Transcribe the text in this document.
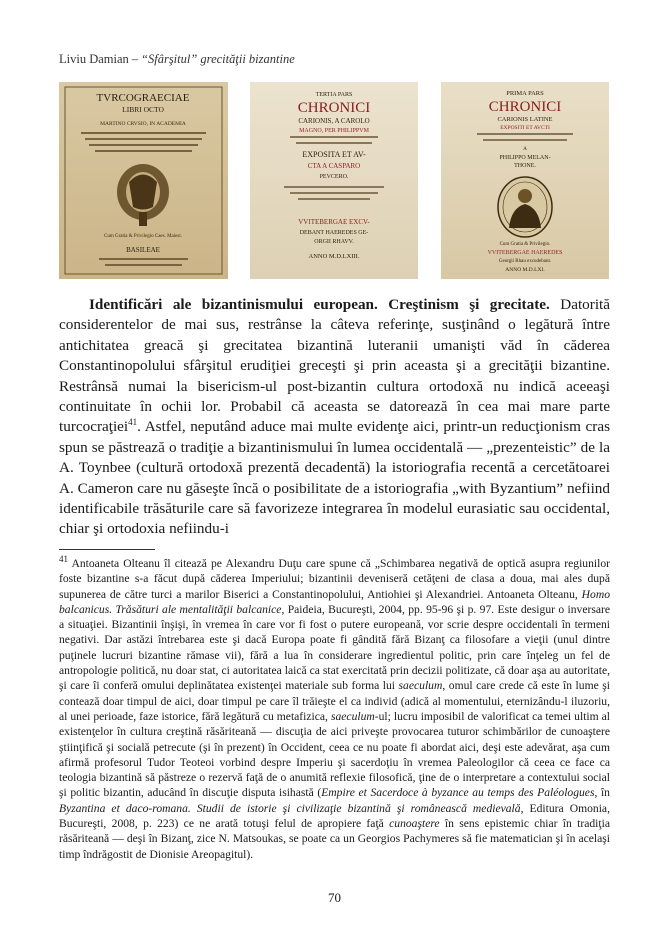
Liviu Damian – “Sfârşitul” grecităţii bizantine
TVRCOGRAECIAE
LIBRI OCTO
MARTINO CRVSIO, IN ACADEMIA
Cum Gratia & Privilegio Caes. Maiest.
BASILEAE
TERTIA PARS
CHRONICI
CARIONIS, A CAROLO
MAGNO, PER PHILIPPVM
EXPOSITA ET AV-
CTA A CASPARO
PEVCERO.
VVITEBERGAE EXCV-
DEBANT HAEREDES GE-
ORGII RHAVV.
ANNO M.D.LXIII.
PRIMA PARS
CHRONICI
CARIONIS LATINE
EXPOSITI ET AVCTI
A
PHILIPPO MELAN-
THONE.
Cum Gratia & Privilegio.
VVITEBERGAE HAEREDES
Georgii Rhau excudebant.
ANNO M.D.LXI.

Identificări ale bizantinismului european. Creştinism şi grecitate. Datorită considerentelor de mai sus, restrânse la câteva referinţe, susţinând o legătură între antichitatea greacă şi grecitatea bizantină luteranii umanişti văd în căderea Constantinopolului sfârşitul erudiţiei greceşti şi prin aceasta şi a grecităţii bizantine. Restrânsă numai la bisericism-ul post-bizantin cultura ortodoxă nu indică aceeaşi continuitate în ochii lor. Probabil că aceasta se datorează în cea mai mare parte turcocraţiei$^{41}$. Astfel, neputând aduce mai multe evidenţe aici, printr-un reducţionism cras spun se păstrează o tradiţie a bizantinismului în lumea occidentală — „prezenteistic” de la A. Toynbee (cultură ortodoxă prezentă decadentă) la istoriografia recentă a cercetătoarei A. Cameron care nu găseşte încă o posibilitate de a istoriografia „with Byzantium” nefiind identificabile trăsăturile care să favorizeze integrarea în modelul eurasiatic sau occidental, chiar şi ortodoxia nefiindu-i

$^{41}$ Antoaneta Olteanu îl citează pe Alexandru Duţu care spune că „Schimbarea negativă de optică asupra regiunilor foste bizantine s-a făcut după căderea Imperiului; bizantinii deveniseră cetăţeni de clasa a doua, mai ales după supunerea de către turci a marilor Biserici a Constantinopolului, Antiohiei şi Alexandriei. Antoaneta Olteanu, Homo balcanicus. Trăsături ale mentalităţii balcanice, Paideia, Bucureşti, 2004, pp. 95-96 şi p. 97. Este desigur o inversare a situaţiei. Bizantinii înşişi, în vremea în care vor fi fost o putere europeană, vor scrie despre occidentali în termeni negativi. Dar astăzi întrebarea este şi dacă Europa poate fi gândită fără Bizanţ ca filosofare a vieţii (unul dintre puţinele lucruri bizantine rămase vii), fără a lua în considerare ingredientul politic, prin care înţeleg un fel de antropologie politică, nu doar stat, ci autoritatea laică ca stat exercitată prin decizii politizate, că doar aşa au autoritate, şi care îi conferă omului deplinătatea existenţei materiale sub forma lui saeculum, omul care crede că este în lume şi contează doar timpul de aici, doar timpul pe care îl trăieşte el ca individ (adică al momentului, eternizându-l iluzoriu, al unei perioade, faze istorice, fără legătură cu metafizica, saeculum-ul; lucru imposibil de valorificat ca temei ultim al existenţelor în cultura creştină răsăriteană — discuţia de aici priveşte provocarea tuturor schimbărilor de cunoaştere ştiinţifică şi socială petrecute (şi în prezent) în Occident, ceea ce nu poate fi abordat aici, deşi este adevărat, aşa cum afirmă profesorul Tudor Teoteoi vorbind despre Imperiu şi sacerdoţiu în vremea Paleologilor că ceea ce face ca teologia bizantină să păstreze o rezervă faţă de o anumită reflexie filosofică, ţine de o interpretare a contextului social şi politic bizantin, aducând în discuţie disputa isihastă (Empire et Sacerdoce à byzance au temps des Paléologues, în Byzantina et daco-romana. Studii de istorie şi civilizaţie bizantină şi românească medievală, Editura Omonia, Bucureşti, 2008, p. 223) ce ne arată totuşi felul de apropiere faţă cunoaştere în sens epistemic chiar în tradiţia răsăriteană — deşi în Bizanţ, zice N. Matsoukas, se poate ca un Georgios Pachymeres să fie matematician şi în acelaşi timp îndrăgostit de Dionisie Areopagitul).

70
